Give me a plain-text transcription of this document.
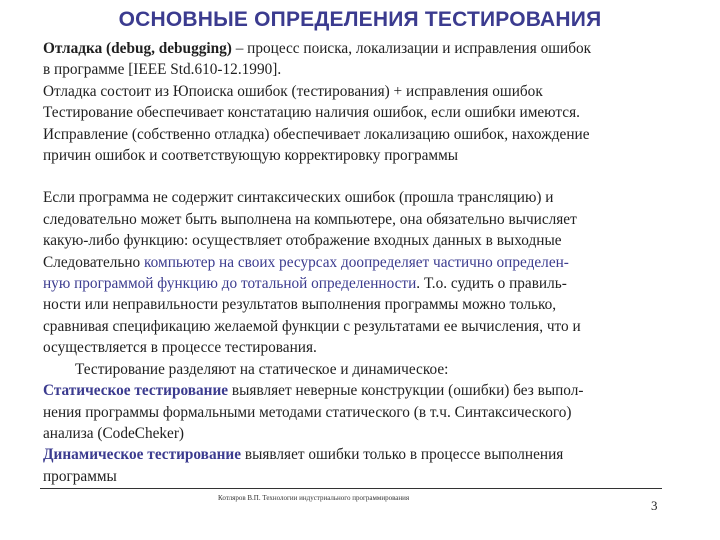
ОСНОВНЫЕ ОПРЕДЕЛЕНИЯ ТЕСТИРОВАНИЯ

Отладка (debug, debugging) – процесс поиска, локализации и исправления ошибок

в программе [IEEE Std.610-12.1990].

Отладка состоит из Юпоиска ошибок (тестирования) + исправления ошибок

Тестирование обеспечивает констатацию наличия ошибок, если ошибки имеются.

Исправление (собственно отладка) обеспечивает локализацию ошибок, нахождение

причин ошибок и соответствующую корректировку программы

Если программа не содержит синтаксических ошибок (прошла трансляцию) и

следовательно может быть выполнена на компьютере, она обязательно вычисляет

какую-либо функцию: осуществляет отображение входных данных в выходные

Следовательно компьютер на своих ресурсах доопределяет частично определен-

ную программой функцию до тотальной определенности. Т.о. судить о правиль-

ности или неправильности результатов выполнения программы можно только,

сравнивая спецификацию желаемой функции с результатами ее вычисления, что и

осуществляется в процессе тестирования.

Тестирование разделяют на статическое и динамическое:

Статическое тестирование выявляет неверные конструкции (ошибки) без выпол-

нения программы формальными методами статического (в т.ч. Синтаксического)

анализа (CodeCheker)

Динамическое тестирование выявляет ошибки только в процессе выполнения

программы

Котляров В.П. Технологии индустриального программирования	3
